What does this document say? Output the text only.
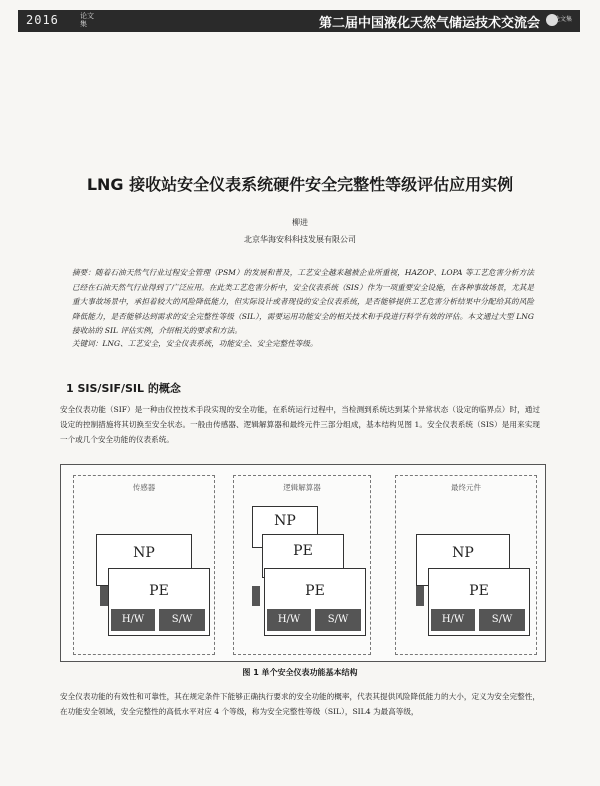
2016	论文 集	第二届中国液化天然气储运技术交流会 论文集
LNG 接收站安全仪表系统硬件安全完整性等级评估应用实例
柳进
北京华海安科科技发展有限公司
摘要：随着石油天然气行业过程安全管理（PSM）的发展和普及，工艺安全越来越被企业所重视，HAZOP、LOPA 等工艺危害分析方法已经在石油天然气行业得到了广泛应用。在此类工艺危害分析中，安全仪表系统（SIS）作为一项重要安全设施，在各种事故场景，尤其是重大事故场景中，承担着较大的风险降低能力，但实际设计或者现役的安全仪表系统，是否能够提供工艺危害分析结果中分配给其的风险降低能力，是否能够达到需求的安全完整性等级（SIL），需要运用功能安全的相关技术和手段进行科学有效的评估。本文通过大型 LNG 接收站的 SIL 评估实例，介绍相关的要求和方法。
关键词：LNG、工艺安全，安全仪表系统，功能安全、安全完整性等级。
1 SIS/SIF/SIL 的概念
安全仪表功能（SIF）是一种由仪控技术手段实现的安全功能，在系统运行过程中，当检测到系统达到某个异常状态（设定的临界点）时，通过设定的控制措施将其切换至安全状态。一般由传感器、逻辑解算器和最终元件三部分组成，基本结构见图 1。安全仪表系统（SIS）是用来实现一个或几个安全功能的仪表系统。
传感器
NP
PE
H/W	S/W
逻辑解算器
NP
PE
PE
H/W	S/W
最终元件
NP
PE
H/W	S/W
图 1 单个安全仪表功能基本结构
安全仪表功能的有效性和可靠性，其在规定条件下能够正确执行要求的安全功能的概率，代表其提供风险降低能力的大小，定义为安全完整性，在功能安全领域，安全完整性的高低水平对应 4 个等级，称为安全完整性等级（SIL），SIL4 为最高等级，
